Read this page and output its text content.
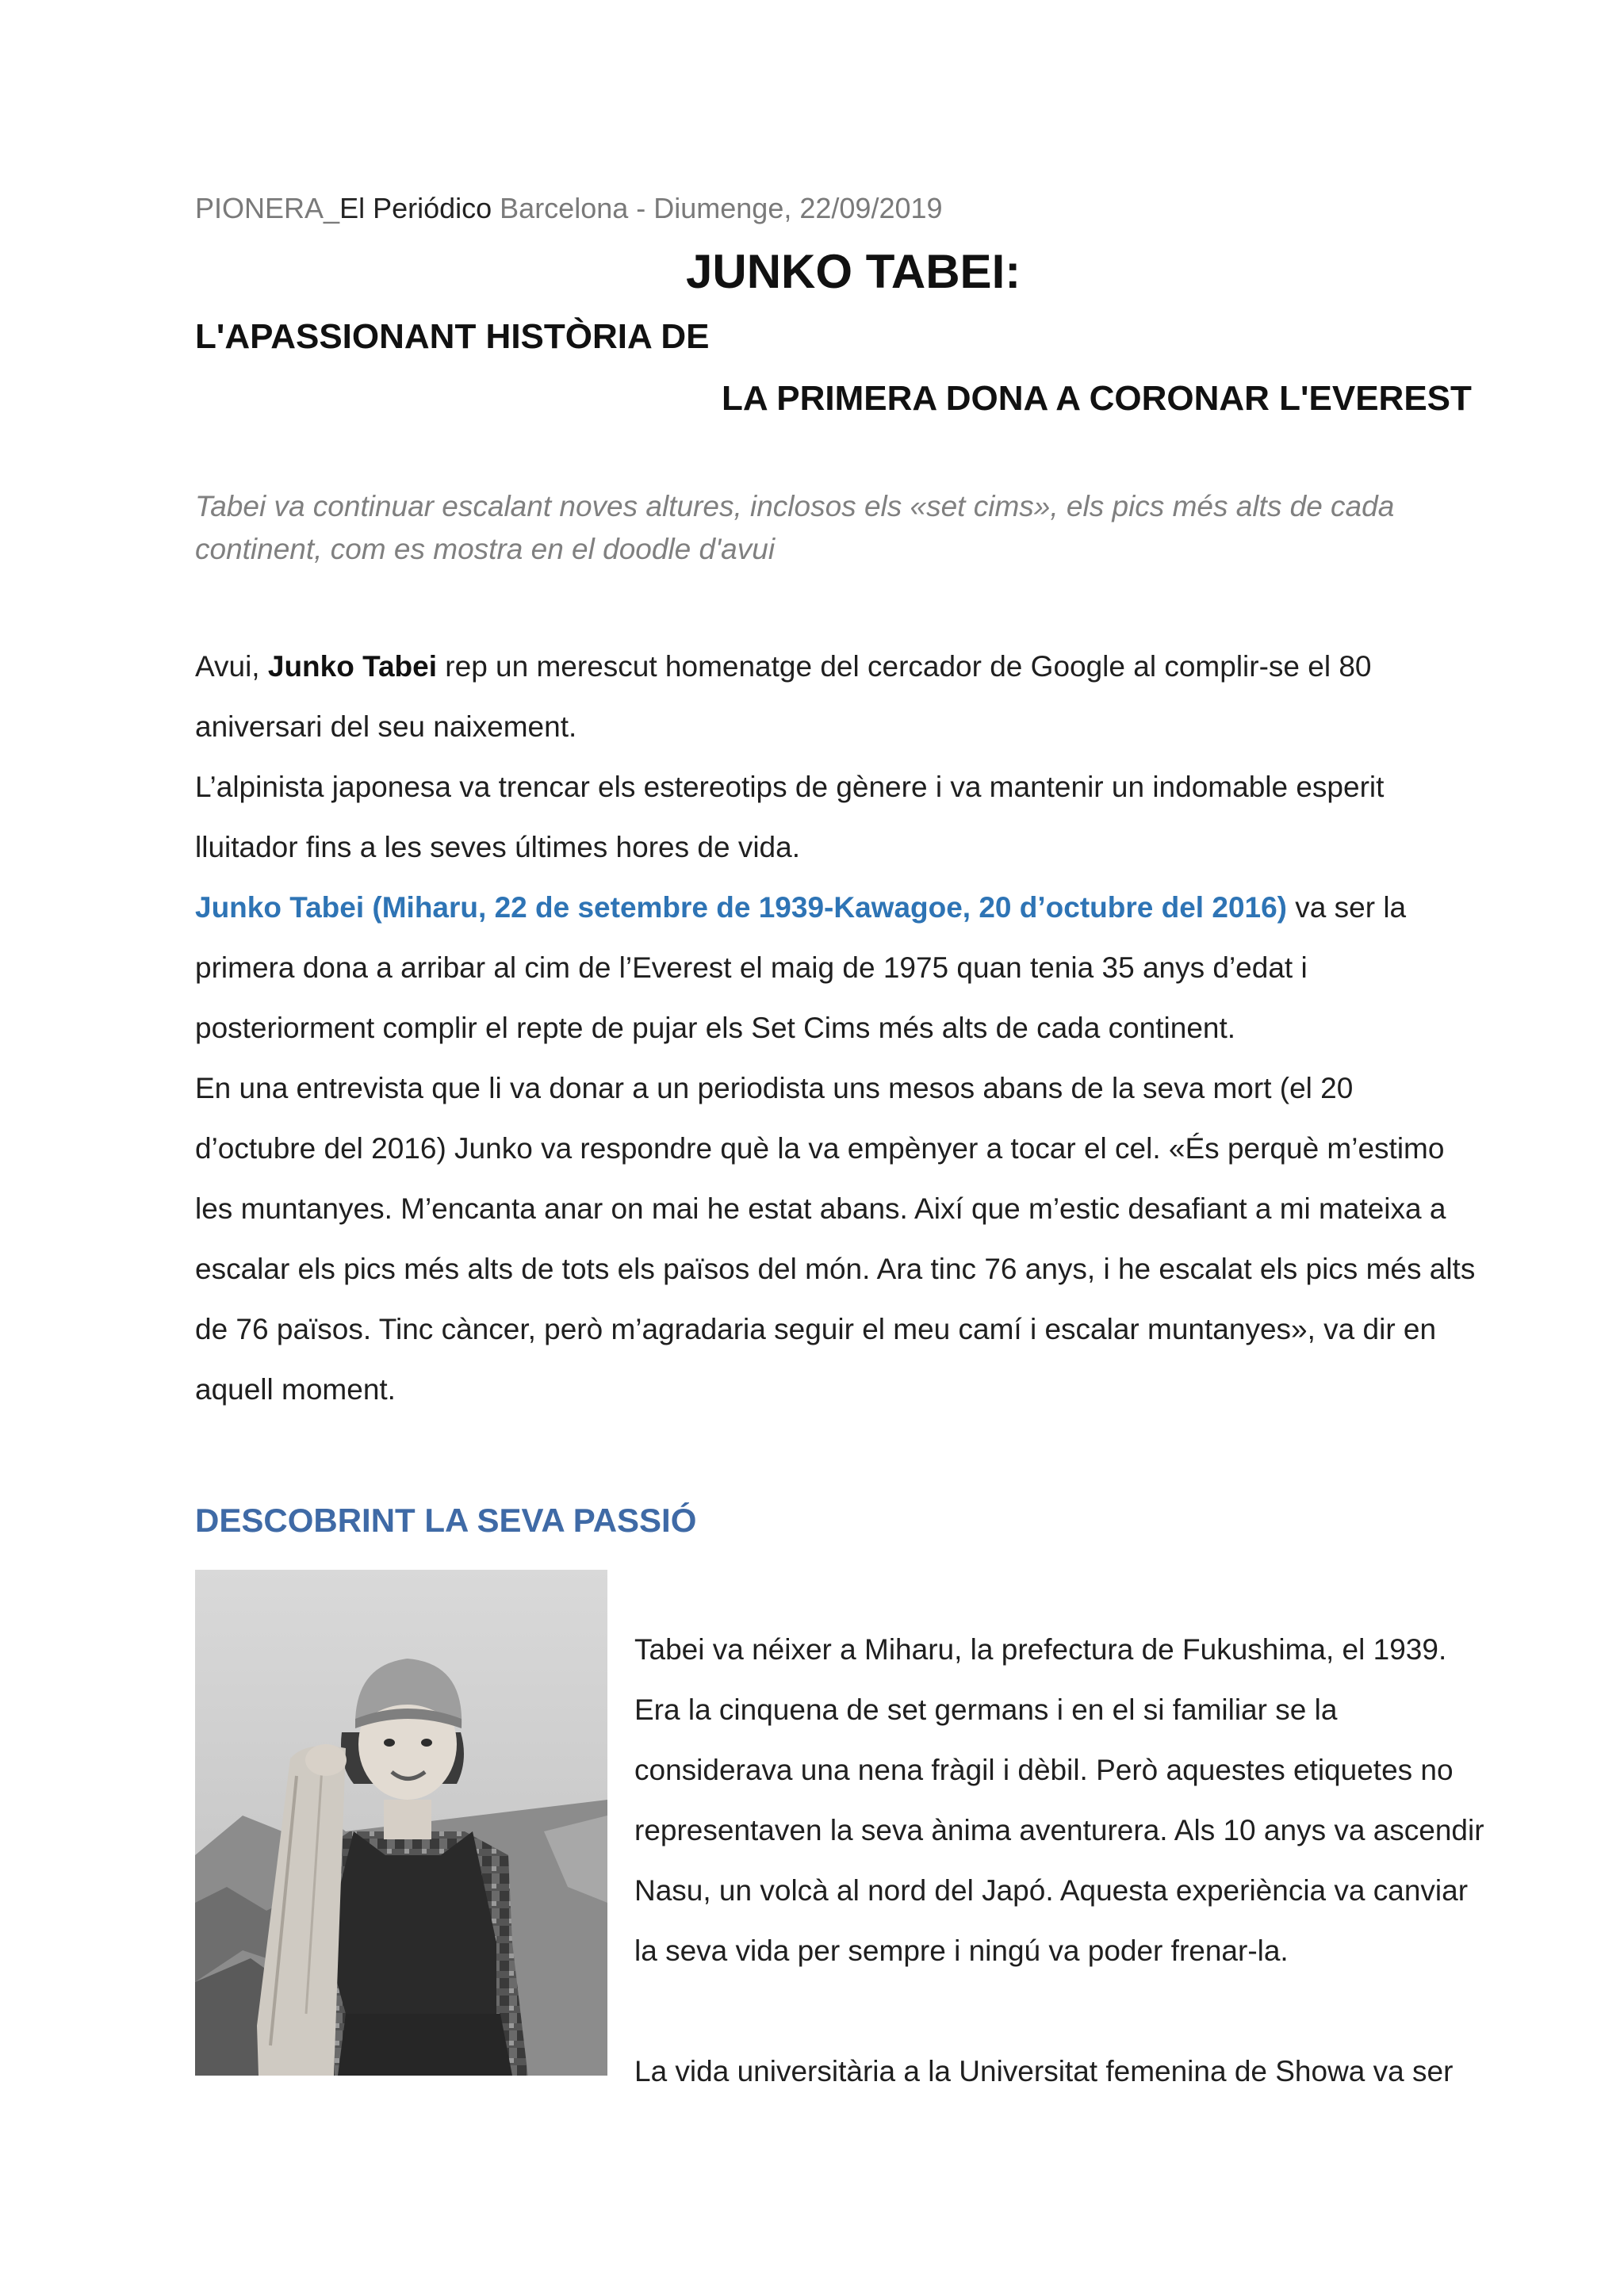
PIONERA_El Periódico Barcelona - Diumenge, 22/09/2019
JUNKO TABEI:
L'APASSIONANT HISTÒRIA DE
LA PRIMERA DONA A CORONAR L'EVEREST
Tabei va continuar escalant noves altures, inclosos els «set cims», els pics més alts de cada continent, com es mostra en el doodle d'avui
Avui, Junko Tabei rep un merescut homenatge del cercador de Google al complir-se el 80
aniversari del seu naixement.
L’alpinista japonesa va trencar els estereotips de gènere i va mantenir un indomable esperit
lluitador fins a les seves últimes hores de vida.
Junko Tabei (Miharu, 22 de setembre de 1939-Kawagoe, 20 d’octubre del 2016) va ser la
primera dona a arribar al cim de l’Everest el maig de 1975 quan tenia 35 anys d’edat i
posteriorment complir el repte de pujar els Set Cims més alts de cada continent.
En una entrevista que li va donar a un periodista uns mesos abans de la seva mort (el 20
d’octubre del 2016) Junko va respondre què la va empènyer a tocar el cel. «És perquè m’estimo
les muntanyes. M’encanta anar on mai he estat abans. Així que m’estic desafiant a mi mateixa a
escalar els pics més alts de tots els països del món. Ara tinc 76 anys, i he escalat els pics més alts
de 76 països. Tinc càncer, però m’agradaria seguir el meu camí i escalar muntanyes», va dir en
aquell moment.
DESCOBRINT LA SEVA PASSIÓ
Tabei va néixer a Miharu, la prefectura de Fukushima, el 1939.
Era la cinquena de set germans i en el si familiar se la
considerava una nena fràgil i dèbil. Però aquestes etiquetes no
representaven la seva ànima aventurera. Als 10 anys va ascendir
Nasu, un volcà al nord del Japó. Aquesta experiència va canviar
la seva vida per sempre i ningú va poder frenar-la.
La vida universitària a la Universitat femenina de Showa va ser
